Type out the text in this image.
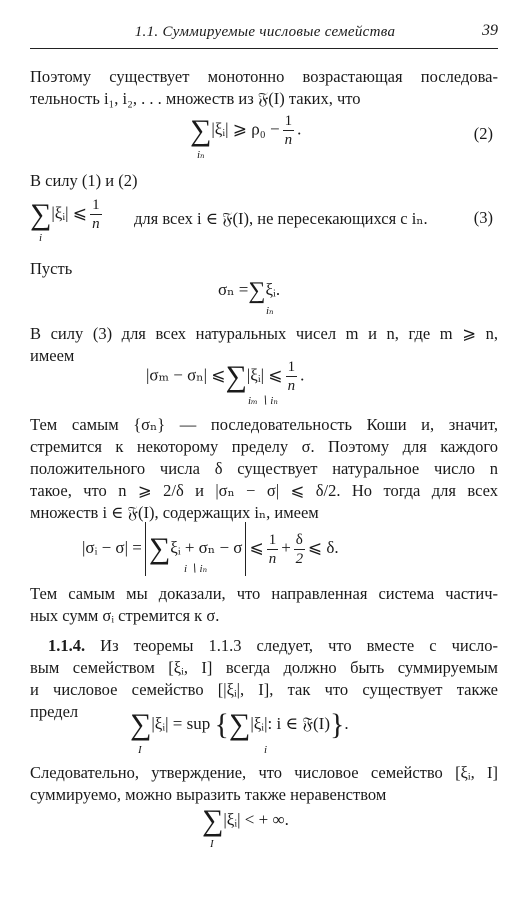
1.1. Суммируемые числовые семейства	39
Поэтому существует монотонно возрастающая последова-
тельность i₁, i₂, . . . множеств из 𝔉(I) таких, что
∑|ξᵢ| ⩾ $\rho_0 - \frac{1}{n}$ .
iₙ
(2)
В силу (1) и (2)
∑|ξᵢ| ⩽ $\frac{1}{n}$
i
для всех i ∈ 𝔉(I), не пересекающихся с iₙ.	(3)
Пусть
σₙ =∑ξᵢ.
iₙ
В силу (3) для всех натуральных чисел m и n, где m ⩾ n,
имеем
|σₘ − σₙ| ⩽∑|ξᵢ| ⩽ $\frac{1}{n}$ .
iₘ ∖ iₙ
Тем самым {σₙ} — последовательность Коши и, значит,
стремится к некоторому пределу σ. Поэтому для каждого
положительного числа δ существует натуральное число n
такое, что n ⩾ 2/δ и |σₙ − σ| ⩽ δ/2. Но тогда для всех
множеств i ∈ 𝔉(I), содержащих iₙ, имеем
|σᵢ − σ| = ∑ξᵢ + σₙ − σ ⩽ $\frac{1}{n} + \frac{\delta}{2}$ ⩽ δ.
i ∖ iₙ
Тем самым мы доказали, что направленная система частич-
ных сумм σᵢ стремится к σ.
1.1.4. Из теоремы 1.1.3 следует, что вместе с число-
вым семейством [ξᵢ, I] всегда должно быть суммируемым
и числовое семейство [|ξᵢ|, I], так что существует также
предел	∑|ξᵢ| = sup {∑|ξᵢ|: i ∈ 𝔉(I)}.
I	i
Следовательно, утверждение, что числовое семейство [ξᵢ, I]
суммируемо, можно выразить также неравенством
∑|ξᵢ| < + ∞.
I
